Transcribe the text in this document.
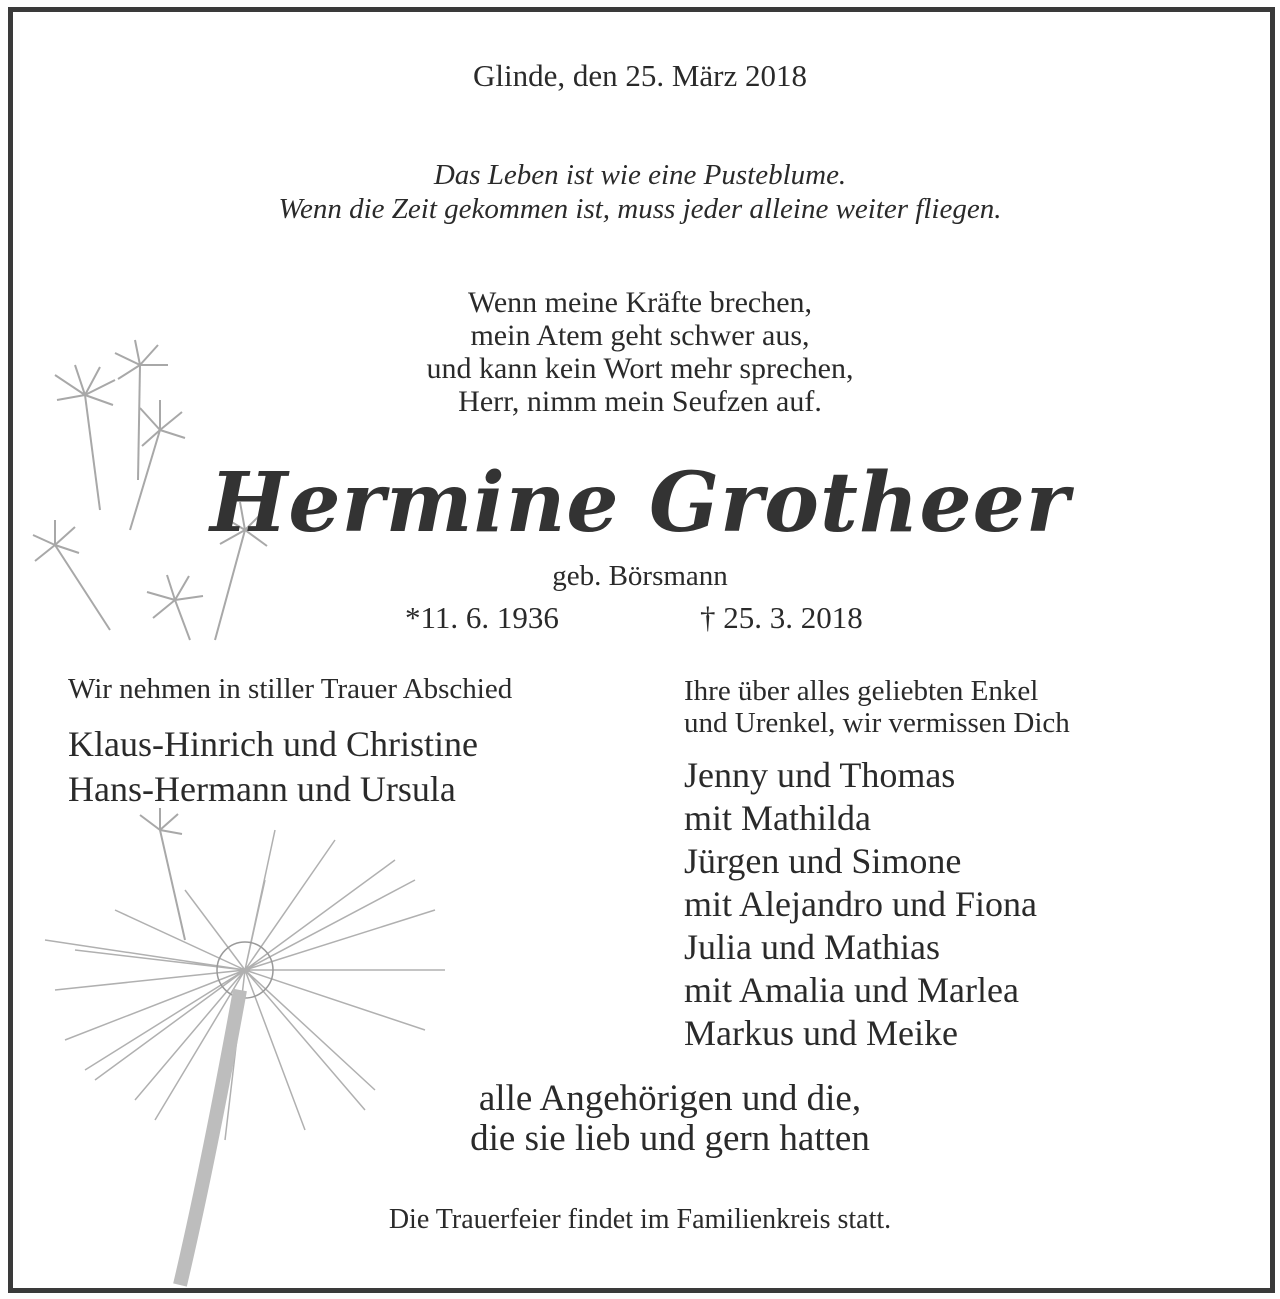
Glinde, den 25. März 2018
Das Leben ist wie eine Pusteblume.
Wenn die Zeit gekommen ist, muss jeder alleine weiter fliegen.
Wenn meine Kräfte brechen,
mein Atem geht schwer aus,
und kann kein Wort mehr sprechen,
Herr, nimm mein Seufzen auf.
Hermine Grotheer
geb. Börsmann
*11. 6. 1936	† 25. 3. 2018
Wir nehmen in stiller Trauer Abschied
Klaus-Hinrich und Christine
Hans-Hermann und Ursula
Ihre über alles geliebten Enkel
und Urenkel, wir vermissen Dich
Jenny und Thomas
mit Mathilda
Jürgen und Simone
mit Alejandro und Fiona
Julia und Mathias
mit Amalia und Marlea
Markus und Meike
alle Angehörigen und die,
die sie lieb und gern hatten
Die Trauerfeier findet im Familienkreis statt.
